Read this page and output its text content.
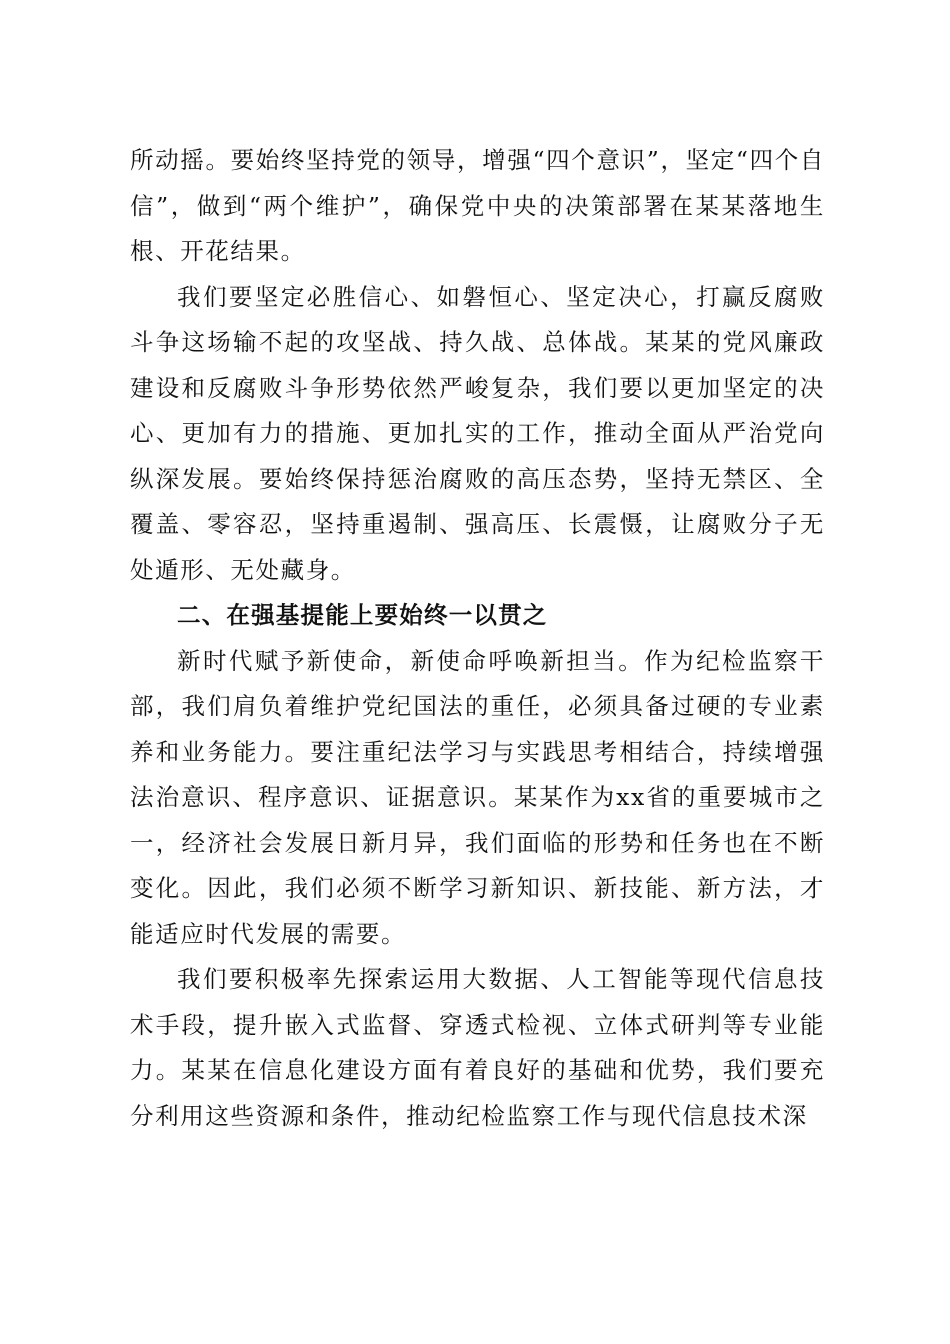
所动摇。要始终坚持党的领导，增强“四个意识”，坚定“四个自信”，做到“两个维护”，确保党中央的决策部署在某某落地生根、开花结果。

我们要坚定必胜信心、如磐恒心、坚定决心，打赢反腐败斗争这场输不起的攻坚战、持久战、总体战。某某的党风廉政建设和反腐败斗争形势依然严峻复杂，我们要以更加坚定的决心、更加有力的措施、更加扎实的工作，推动全面从严治党向纵深发展。要始终保持惩治腐败的高压态势，坚持无禁区、全覆盖、零容忍，坚持重遏制、强高压、长震慑，让腐败分子无处遁形、无处藏身。

二、在强基提能上要始终一以贯之

新时代赋予新使命，新使命呼唤新担当。作为纪检监察干部，我们肩负着维护党纪国法的重任，必须具备过硬的专业素养和业务能力。要注重纪法学习与实践思考相结合，持续增强法治意识、程序意识、证据意识。某某作为xx省的重要城市之一，经济社会发展日新月异，我们面临的形势和任务也在不断变化。因此，我们必须不断学习新知识、新技能、新方法，才能适应时代发展的需要。

我们要积极率先探索运用大数据、人工智能等现代信息技术手段，提升嵌入式监督、穿透式检视、立体式研判等专业能力。某某在信息化建设方面有着良好的基础和优势，我们要充分利用这些资源和条件，推动纪检监察工作与现代信息技术深
